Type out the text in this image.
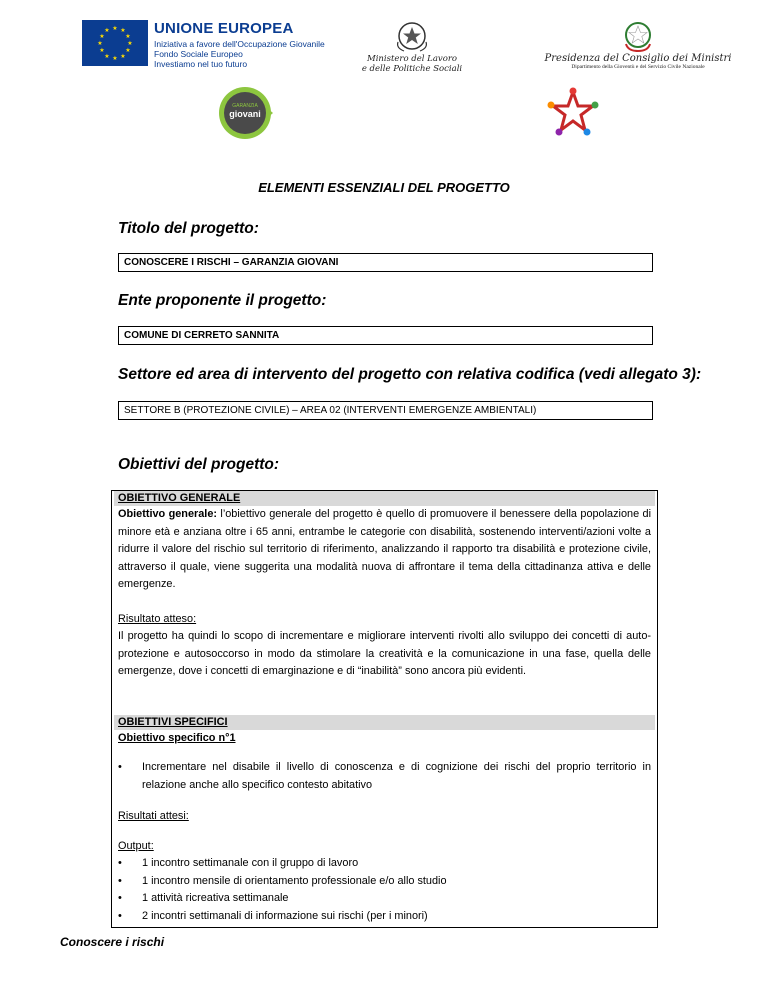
★ ★
★
★
★
★
★
★
★
★
★
★	UNIONE EUROPEA
Iniziativa a favore dell'Occupazione Giovanile
Fondo Sociale Europeo
Investiamo nel tuo futuro	Ministero del Lavoro
e delle Politiche Sociali
Presidenza del Consiglio dei Ministri
Dipartimento della Gioventù e del Servizio Civile Nazionale
GARANZIA
giovani
ELEMENTI ESSENZIALI DEL PROGETTO
Titolo del progetto:
CONOSCERE I RISCHI – GARANZIA GIOVANI
Ente proponente il progetto:
COMUNE DI CERRETO SANNITA
Settore ed area di intervento del progetto con relativa codifica (vedi allegato 3):
SETTORE B (PROTEZIONE CIVILE) – AREA 02 (INTERVENTI EMERGENZE AMBIENTALI)
Obiettivi del progetto:
OBIETTIVO GENERALE
Obiettivo generale: l’obiettivo generale del progetto è quello di promuovere il benessere della popolazione di minore età e anziana oltre i 65 anni, entrambe le categorie con disabilità, sostenendo interventi/azioni volte a ridurre il valore del rischio sul territorio di riferimento, analizzando il rapporto tra disabilità e protezione civile, attraverso il quale, viene suggerita una modalità nuova di affrontare il tema della cittadinanza attiva e delle emergenze.
Risultato atteso:
Il progetto ha quindi lo scopo di incrementare e migliorare interventi rivolti allo sviluppo dei concetti di auto-protezione e autosoccorso in modo da stimolare la creatività e la comunicazione in una fase, quella delle emergenze, dove i concetti di emarginazione e di “inabilità” sono ancora più evidenti.
OBIETTIVI SPECIFICI
Obiettivo specifico n°1
• Incrementare nel disabile il livello di conoscenza e di cognizione dei rischi del proprio territorio in relazione anche allo specifico contesto abitativo
Risultati attesi:
Output:
• 1 incontro settimanale con il gruppo di lavoro
• 1 incontro mensile di orientamento professionale e/o allo studio
• 1 attività ricreativa settimanale
• 2 incontri settimanali di informazione sui rischi (per i minori)
Conoscere i rischi
